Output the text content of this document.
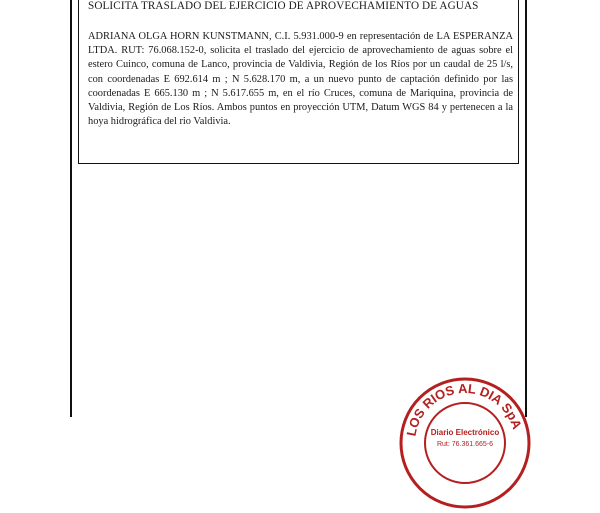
SOLICITA TRASLADO DEL EJERCICIO DE APROVECHAMIENTO DE AGUAS
ADRIANA OLGA HORN KUNSTMANN, C.I. 5.931.000-9 en representación de LA ESPERANZA LTDA. RUT: 76.068.152-0, solicita el traslado del ejercicio de aprovechamiento de aguas sobre el estero Cuinco, comuna de Lanco, provincia de Valdivia, Región de los Ríos por un caudal de 25 l/s, con coordenadas E 692.614 m ; N 5.628.170 m, a un nuevo punto de captación definido por las coordenadas E 665.130 m ; N 5.617.655 m, en el río Cruces, comuna de Mariquina, provincia de Valdivia, Región de Los Ríos. Ambos puntos en proyección UTM, Datum WGS 84 y pertenecen a la hoya hidrográfica del rio Valdivia.
LOS RIOS AL DIA SpA
Diario Electrónico
Rut: 76.361.665-6
